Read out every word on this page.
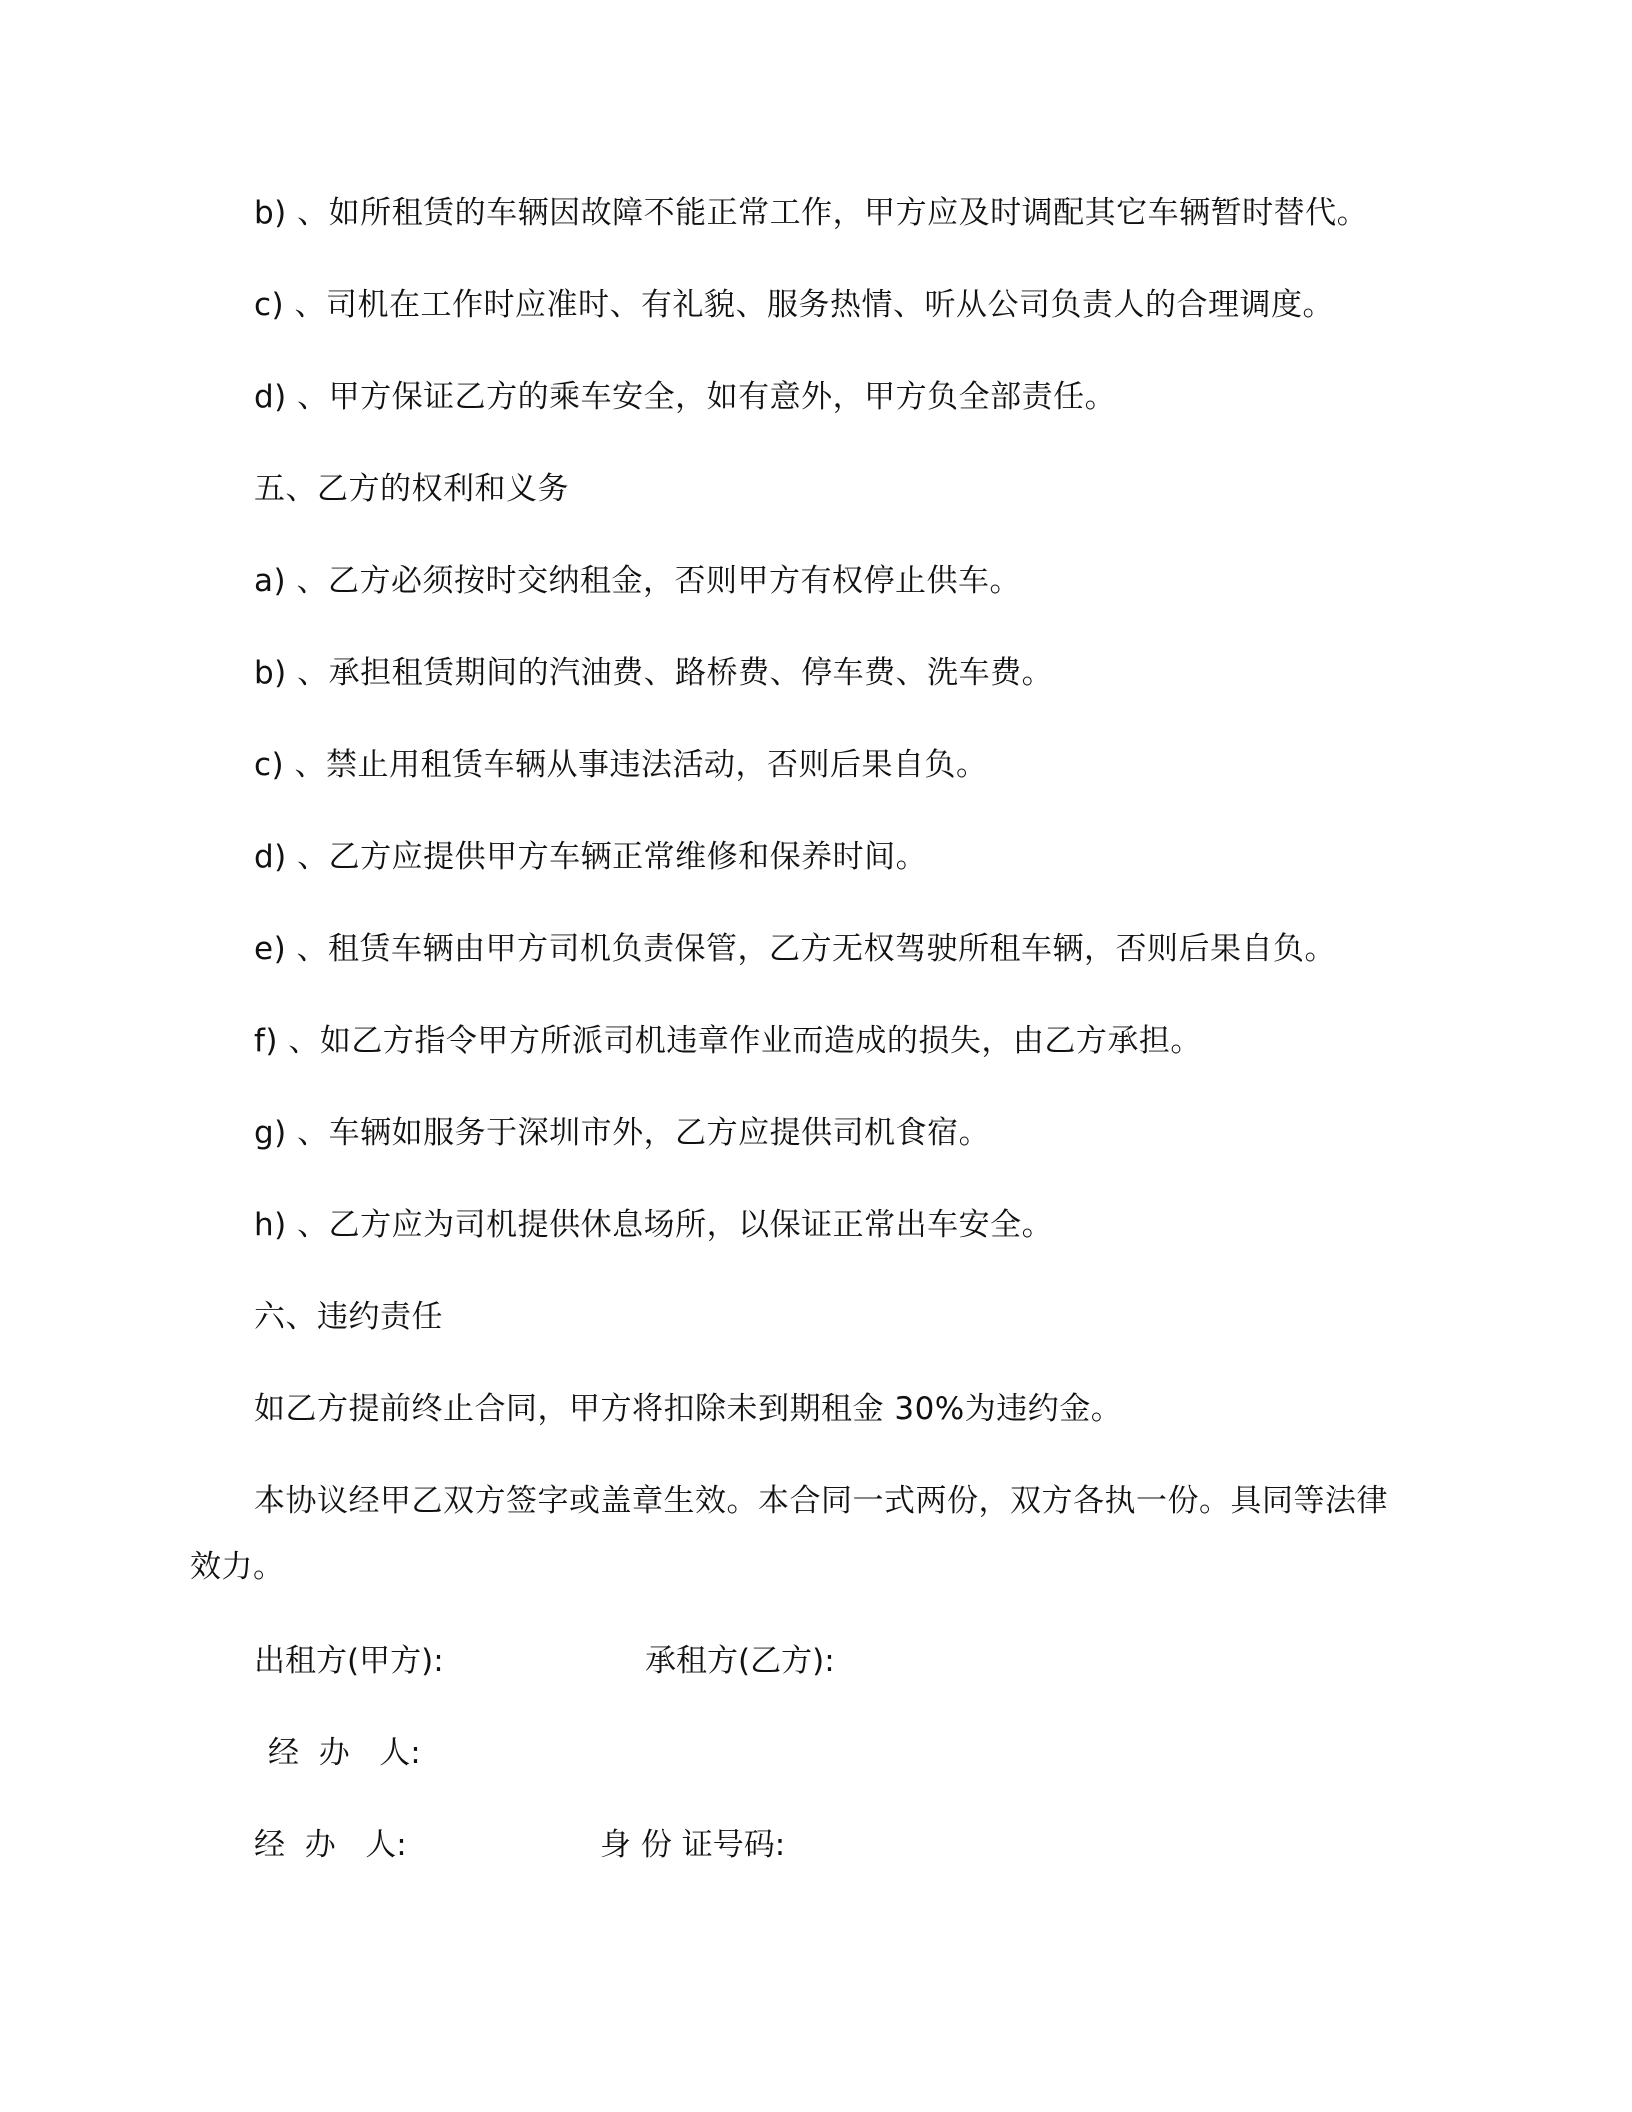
b) 、如所租赁的车辆因故障不能正常工作，甲方应及时调配其它车辆暂时替代。
c) 、司机在工作时应准时、有礼貌、服务热情、听从公司负责人的合理调度。
d) 、甲方保证乙方的乘车安全，如有意外，甲方负全部责任。
五、乙方的权利和义务
a) 、乙方必须按时交纳租金，否则甲方有权停止供车。
b) 、承担租赁期间的汽油费、路桥费、停车费、洗车费。
c) 、禁止用租赁车辆从事违法活动，否则后果自负。
d) 、乙方应提供甲方车辆正常维修和保养时间。
e) 、租赁车辆由甲方司机负责保管，乙方无权驾驶所租车辆，否则后果自负。
f) 、如乙方指令甲方所派司机违章作业而造成的损失，由乙方承担。
g) 、车辆如服务于深圳市外，乙方应提供司机食宿。
h) 、乙方应为司机提供休息场所，以保证正常出车安全。
六、违约责任
如乙方提前终止合同，甲方将扣除未到期租金 30%为违约金。
本协议经甲乙双方签字或盖章生效。本合同一式两份，双方各执一份。具同等法律
效力。
出租方(甲方):	承租方(乙方):
经  办   人:
经  办   人:	身 份 证号码:
